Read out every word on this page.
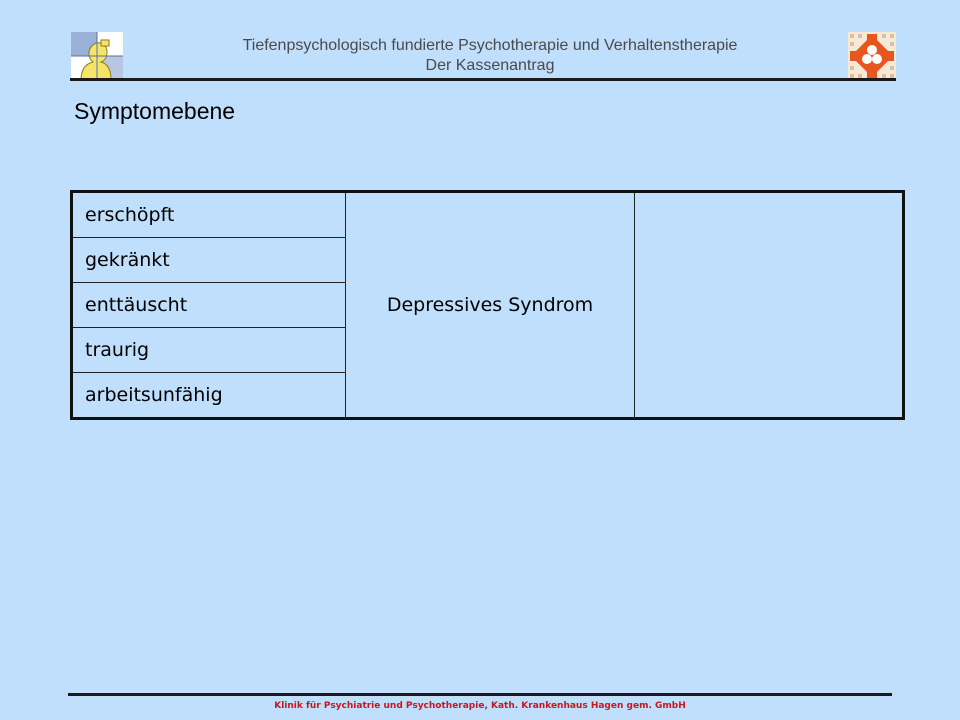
Tiefenpsychologisch fundierte Psychotherapie und Verhaltenstherapie
Der Kassenantrag
Symptomebene
erschöpft	Depressives Syndrom	
gekränkt
enttäuscht
traurig
arbeitsunfähig
Klinik für Psychiatrie und Psychotherapie, Kath. Krankenhaus Hagen gem. GmbH
